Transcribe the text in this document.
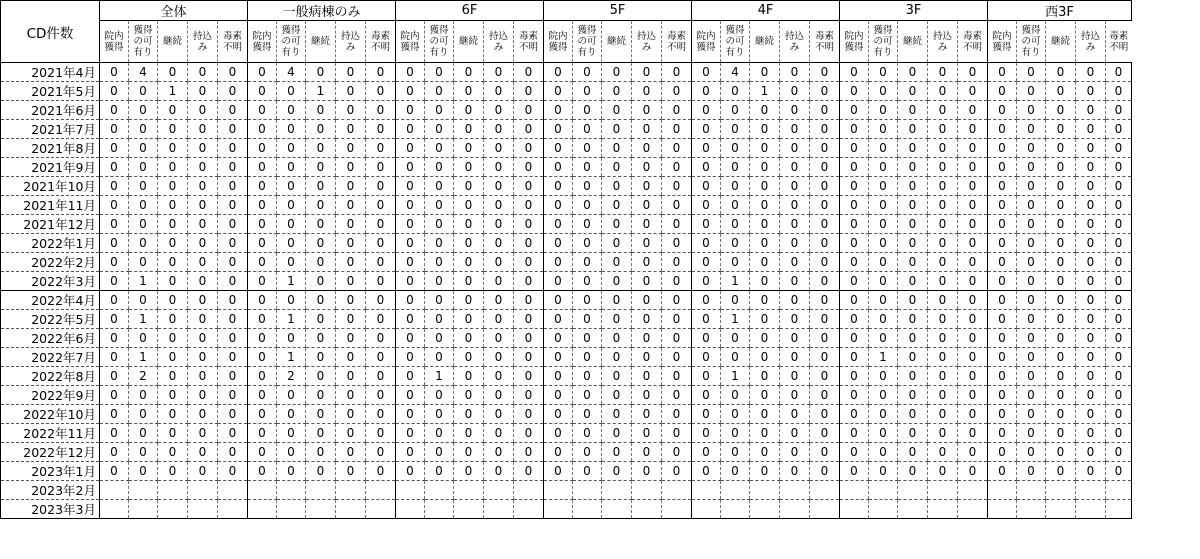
CD件数	全体					一般病棟のみ					6F					5F					4F					3F					西3F				
	院内獲得	獲得の可有り	継続	持込み	毒素不明	院内獲得	獲得の可有り	継続	持込み	毒素不明	院内獲得	獲得の可有り	継続	持込み	毒素不明	院内獲得	獲得の可有り	継続	持込み	毒素不明	院内獲得	獲得の可有り	継続	持込み	毒素不明	院内獲得	獲得の可有り	継続	持込み	毒素不明	院内獲得	獲得の可有り	継続	持込み	毒素不明
2021年4月	0	4	0	0	0	0	4	0	0	0	0	0	0	0	0	0	0	0	0	0	0	4	0	0	0	0	0	0	0	0	0	0	0	0	0
2021年5月	0	0	1	0	0	0	0	1	0	0	0	0	0	0	0	0	0	0	0	0	0	0	1	0	0	0	0	0	0	0	0	0	0	0	0
2021年6月	0	0	0	0	0	0	0	0	0	0	0	0	0	0	0	0	0	0	0	0	0	0	0	0	0	0	0	0	0	0	0	0	0	0	0
2021年7月	0	0	0	0	0	0	0	0	0	0	0	0	0	0	0	0	0	0	0	0	0	0	0	0	0	0	0	0	0	0	0	0	0	0	0
2021年8月	0	0	0	0	0	0	0	0	0	0	0	0	0	0	0	0	0	0	0	0	0	0	0	0	0	0	0	0	0	0	0	0	0	0	0
2021年9月	0	0	0	0	0	0	0	0	0	0	0	0	0	0	0	0	0	0	0	0	0	0	0	0	0	0	0	0	0	0	0	0	0	0	0
2021年10月	0	0	0	0	0	0	0	0	0	0	0	0	0	0	0	0	0	0	0	0	0	0	0	0	0	0	0	0	0	0	0	0	0	0	0
2021年11月	0	0	0	0	0	0	0	0	0	0	0	0	0	0	0	0	0	0	0	0	0	0	0	0	0	0	0	0	0	0	0	0	0	0	0
2021年12月	0	0	0	0	0	0	0	0	0	0	0	0	0	0	0	0	0	0	0	0	0	0	0	0	0	0	0	0	0	0	0	0	0	0	0
2022年1月	0	0	0	0	0	0	0	0	0	0	0	0	0	0	0	0	0	0	0	0	0	0	0	0	0	0	0	0	0	0	0	0	0	0	0
2022年2月	0	0	0	0	0	0	0	0	0	0	0	0	0	0	0	0	0	0	0	0	0	0	0	0	0	0	0	0	0	0	0	0	0	0	0
2022年3月	0	1	0	0	0	0	1	0	0	0	0	0	0	0	0	0	0	0	0	0	0	1	0	0	0	0	0	0	0	0	0	0	0	0	0
2022年4月	0	0	0	0	0	0	0	0	0	0	0	0	0	0	0	0	0	0	0	0	0	0	0	0	0	0	0	0	0	0	0	0	0	0	0
2022年5月	0	1	0	0	0	0	1	0	0	0	0	0	0	0	0	0	0	0	0	0	0	1	0	0	0	0	0	0	0	0	0	0	0	0	0
2022年6月	0	0	0	0	0	0	0	0	0	0	0	0	0	0	0	0	0	0	0	0	0	0	0	0	0	0	0	0	0	0	0	0	0	0	0
2022年7月	0	1	0	0	0	0	1	0	0	0	0	0	0	0	0	0	0	0	0	0	0	0	0	0	0	0	1	0	0	0	0	0	0	0	0
2022年8月	0	2	0	0	0	0	2	0	0	0	0	1	0	0	0	0	0	0	0	0	0	1	0	0	0	0	0	0	0	0	0	0	0	0	0
2022年9月	0	0	0	0	0	0	0	0	0	0	0	0	0	0	0	0	0	0	0	0	0	0	0	0	0	0	0	0	0	0	0	0	0	0	0
2022年10月	0	0	0	0	0	0	0	0	0	0	0	0	0	0	0	0	0	0	0	0	0	0	0	0	0	0	0	0	0	0	0	0	0	0	0
2022年11月	0	0	0	0	0	0	0	0	0	0	0	0	0	0	0	0	0	0	0	0	0	0	0	0	0	0	0	0	0	0	0	0	0	0	0
2022年12月	0	0	0	0	0	0	0	0	0	0	0	0	0	0	0	0	0	0	0	0	0	0	0	0	0	0	0	0	0	0	0	0	0	0	0
2023年1月	0	0	0	0	0	0	0	0	0	0	0	0	0	0	0	0	0	0	0	0	0	0	0	0	0	0	0	0	0	0	0	0	0	0	0
2023年2月																																			
2023年3月																																			
